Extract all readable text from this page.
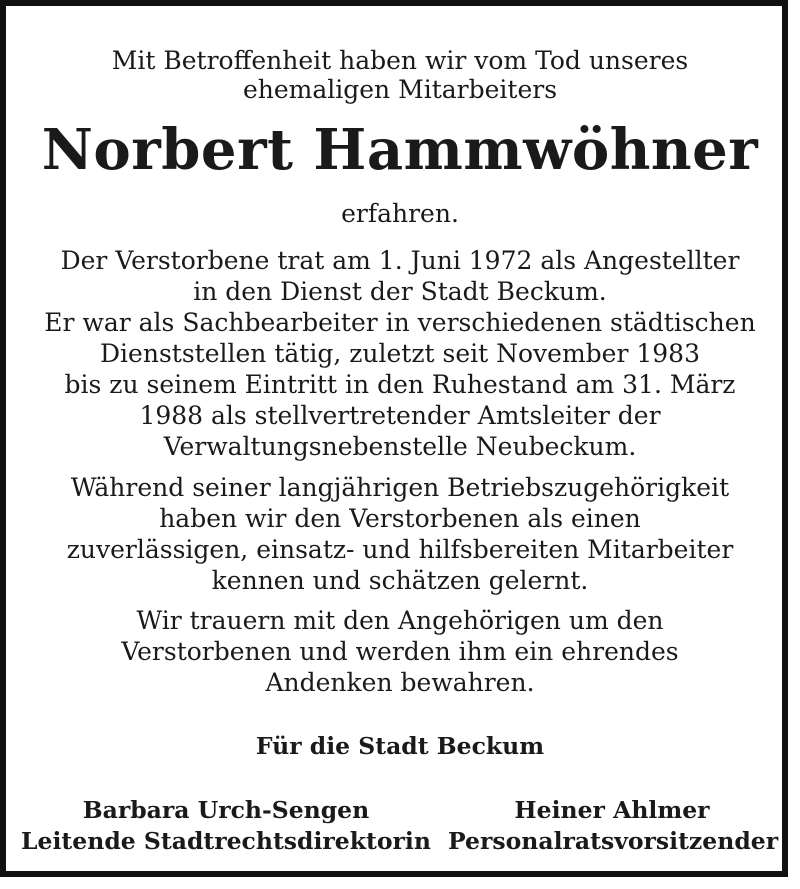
Mit Betroffenheit haben wir vom Tod unseres
ehemaligen Mitarbeiters
Norbert Hammwöhner
erfahren.
Der Verstorbene trat am 1. Juni 1972 als Angestellter
in den Dienst der Stadt Beckum.
Er war als Sachbearbeiter in verschiedenen städtischen
Dienststellen tätig, zuletzt seit November 1983
bis zu seinem Eintritt in den Ruhestand am 31. März
1988 als stellvertretender Amtsleiter der
Verwaltungsnebenstelle Neubeckum.
Während seiner langjährigen Betriebszugehörigkeit
haben wir den Verstorbenen als einen
zuverlässigen, einsatz- und hilfsbereiten Mitarbeiter
kennen und schätzen gelernt.
Wir trauern mit den Angehörigen um den
Verstorbenen und werden ihm ein ehrendes
Andenken bewahren.
Für die Stadt Beckum
Barbara Urch-Sengen
Leitende Stadtrechtsdirektorin
Heiner Ahlmer
Personalratsvorsitzender
